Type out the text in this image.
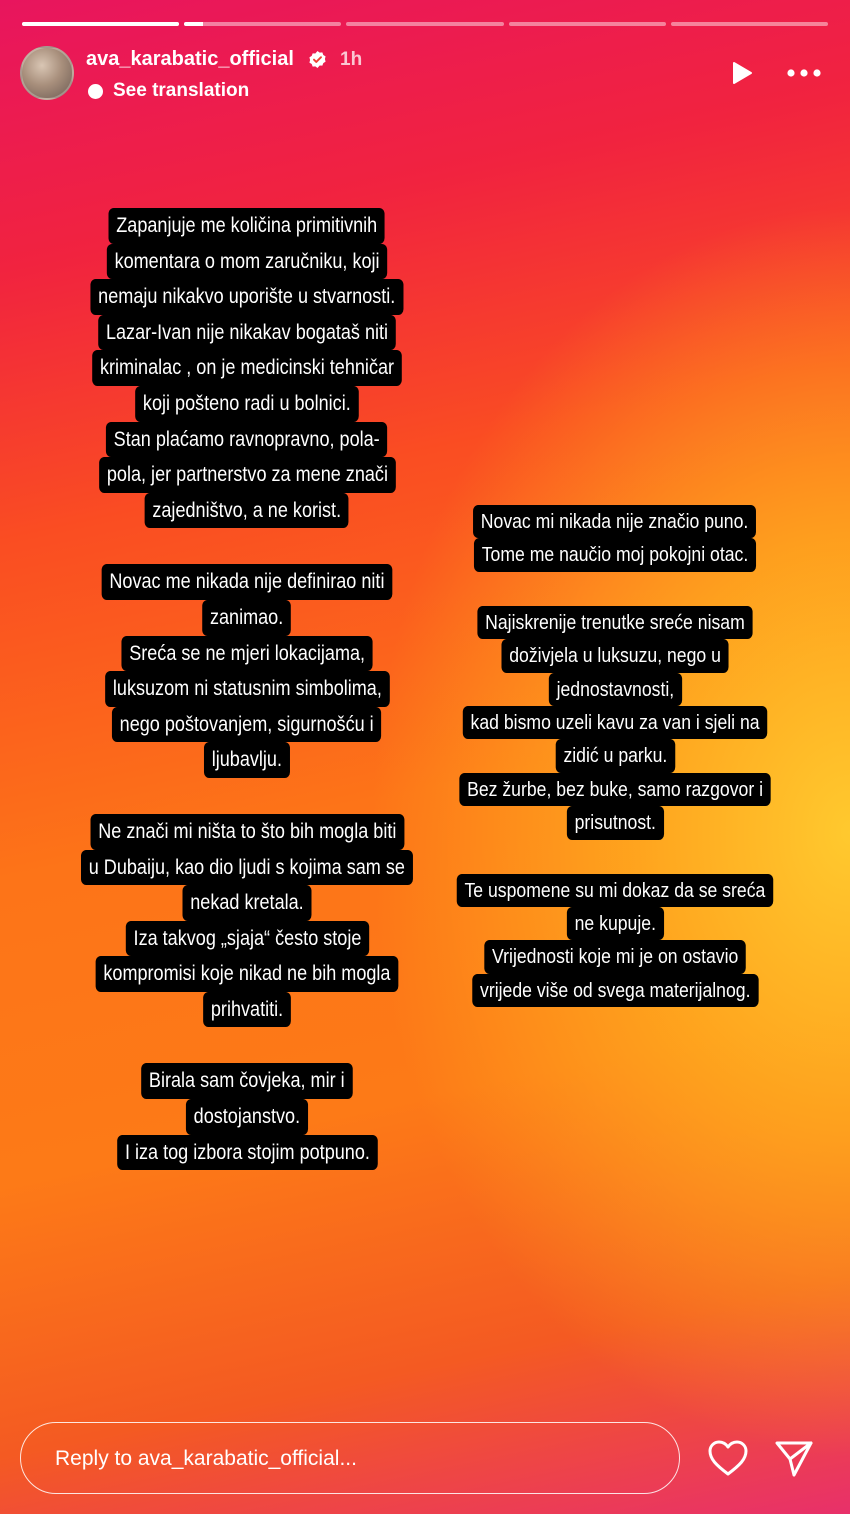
ava_karabatic_official 1h
See translation
Zapanjuje me količina primitivnih
komentara o mom zaručniku, koji
nemaju nikakvo uporište u stvarnosti.
Lazar-Ivan nije nikakav bogataš niti
kriminalac , on je medicinski tehničar
koji pošteno radi u bolnici.
Stan plaćamo ravnopravno, pola-
pola, jer partnerstvo za mene znači
zajedništvo, a ne korist.
Novac me nikada nije definirao niti
zanimao.
Sreća se ne mjeri lokacijama,
luksuzom ni statusnim simbolima,
nego poštovanjem, sigurnošću i
ljubavlju.
Ne znači mi ništa to što bih mogla biti
u Dubaiju, kao dio ljudi s kojima sam se
nekad kretala.
Iza takvog „sjaja“ često stoje
kompromisi koje nikad ne bih mogla
prihvatiti.
Birala sam čovjeka, mir i
dostojanstvo.
I iza tog izbora stojim potpuno.
Novac mi nikada nije značio puno.
Tome me naučio moj pokojni otac.
Najiskrenije trenutke sreće nisam
doživjela u luksuzu, nego u
jednostavnosti,
kad bismo uzeli kavu za van i sjeli na
zidić u parku.
Bez žurbe, bez buke, samo razgovor i
prisutnost.
Te uspomene su mi dokaz da se sreća
ne kupuje.
Vrijednosti koje mi je on ostavio
vrijede više od svega materijalnog.
Reply to ava_karabatic_official...
